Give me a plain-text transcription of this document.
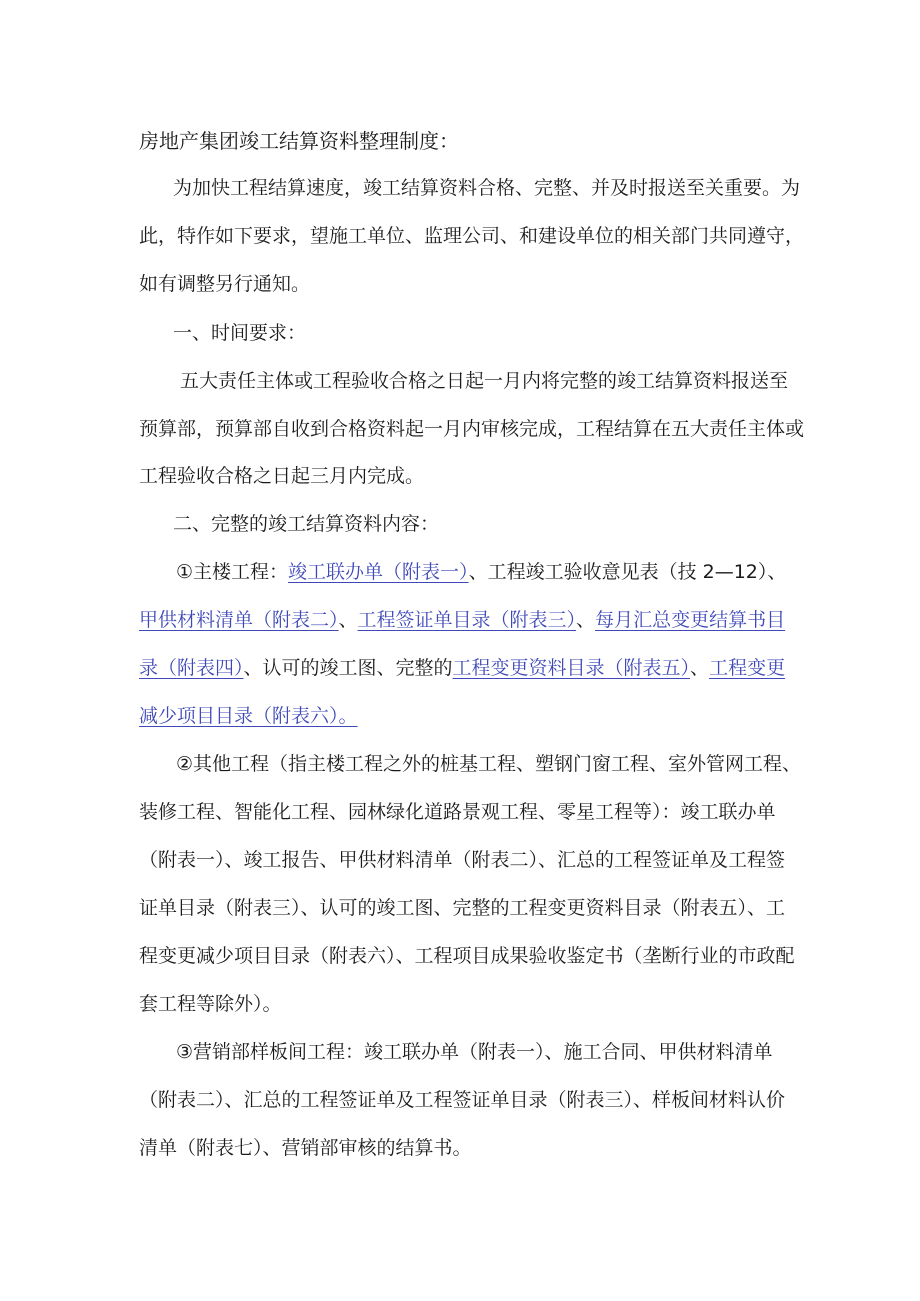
房地产集团竣工结算资料整理制度：
为加快工程结算速度，竣工结算资料合格、完整、并及时报送至关重要。为
此，特作如下要求，望施工单位、监理公司、和建设单位的相关部门共同遵守，
如有调整另行通知。
一、时间要求：
五大责任主体或工程验收合格之日起一月内将完整的竣工结算资料报送至
预算部，预算部自收到合格资料起一月内审核完成，工程结算在五大责任主体或
工程验收合格之日起三月内完成。
二、完整的竣工结算资料内容：
①主楼工程：竣工联办单（附表一）、工程竣工验收意见表（技 2—12）、
甲供材料清单（附表二）、工程签证单目录（附表三）、每月汇总变更结算书目
录（附表四）、认可的竣工图、完整的工程变更资料目录（附表五）、工程变更
减少项目目录（附表六）。
②其他工程（指主楼工程之外的桩基工程、塑钢门窗工程、室外管网工程、
装修工程、智能化工程、园林绿化道路景观工程、零星工程等）：竣工联办单
（附表一）、竣工报告、甲供材料清单（附表二）、汇总的工程签证单及工程签
证单目录（附表三）、认可的竣工图、完整的工程变更资料目录（附表五）、工
程变更减少项目目录（附表六）、工程项目成果验收鉴定书（垄断行业的市政配
套工程等除外）。
③营销部样板间工程：竣工联办单（附表一）、施工合同、甲供材料清单
（附表二）、汇总的工程签证单及工程签证单目录（附表三）、样板间材料认价
清单（附表七）、营销部审核的结算书。
